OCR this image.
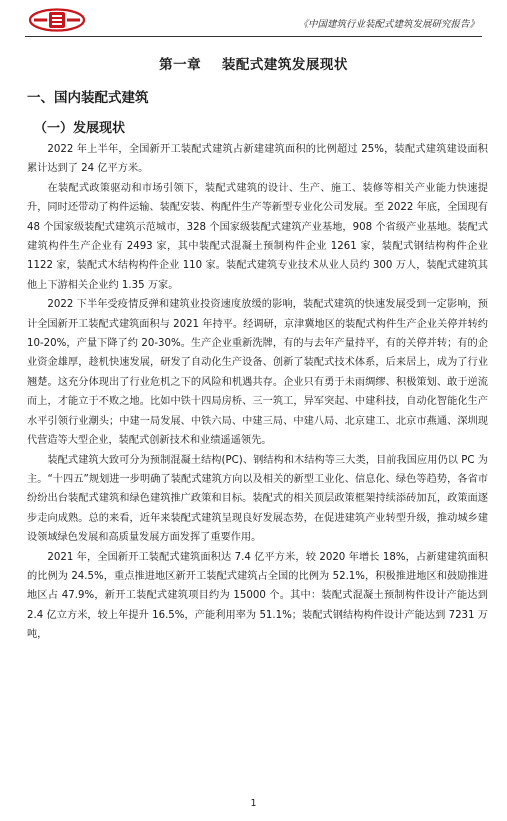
《中国建筑行业装配式建筑发展研究报告》
第一章    装配式建筑发展现状
一、国内装配式建筑
（一）发展现状

2022 年上半年，全国新开工装配式建筑占新建建筑面积的比例超过 25%，装配式建筑建设面积累计达到了 24 亿平方米。

在装配式政策驱动和市场引领下，装配式建筑的设计、生产、施工、装修等相关产业能力快速提升，同时还带动了构件运输、装配安装、构配件生产等新型专业化公司发展。至 2022 年底，全国现有 48 个国家级装配式建筑示范城市，328 个国家级装配式建筑产业基地，908 个省级产业基地。装配式建筑构件生产企业有 2493 家，其中装配式混凝土预制构件企业 1261 家，装配式钢结构构件企业 1122 家，装配式木结构构件企业 110 家。装配式建筑专业技术从业人员约 300 万人，装配式建筑其他上下游相关企业约 1.35 万家。

2022 下半年受疫情反弹和建筑业投资速度放缓的影响，装配式建筑的快速发展受到一定影响，预计全国新开工装配式建筑面积与 2021 年持平。经调研，京津冀地区的装配式构件生产企业关停并转约 10-20%，产量下降了约 20-30%。生产企业重新洗牌，有的与去年产量持平，有的关停并转；有的企业资金雄厚，趁机快速发展，研发了自动化生产设备、创新了装配式技术体系，后来居上，成为了行业翘楚。这充分体现出了行业危机之下的风险和机遇共存。企业只有勇于未雨绸缪、积极策划、敢于逆流而上，才能立于不败之地。比如中铁十四局房桥、三一筑工，异军突起、中建科技，自动化智能化生产水平引领行业潮头；中建一局发展、中铁六局、中建三局、中建八局、北京建工、北京市燕通、深圳现代营造等大型企业，装配式创新技术和业绩遥遥领先。

装配式建筑大致可分为预制混凝土结构(PC)、钢结构和木结构等三大类，目前我国应用仍以 PC 为主。“十四五”规划进一步明确了装配式建筑方向以及相关的新型工业化、信息化、绿色等趋势，各省市纷纷出台装配式建筑和绿色建筑推广政策和目标。装配式的相关顶层政策框架持续添砖加瓦，政策面逐步走向成熟。总的来看，近年来装配式建筑呈现良好发展态势，在促进建筑产业转型升级，推动城乡建设领域绿色发展和高质量发展方面发挥了重要作用。

2021 年，全国新开工装配式建筑面积达 7.4 亿平方米，较 2020 年增长 18%，占新建建筑面积的比例为 24.5%，重点推进地区新开工装配式建筑占全国的比例为 52.1%，积极推进地区和鼓励推进地区占 47.9%，新开工装配式建筑项目约为 15000 个。其中：装配式混凝土预制构件设计产能达到 2.4 亿立方米，较上年提升 16.5%，产能利用率为 51.1%；装配式钢结构构件设计产能达到 7231 万吨，

1
